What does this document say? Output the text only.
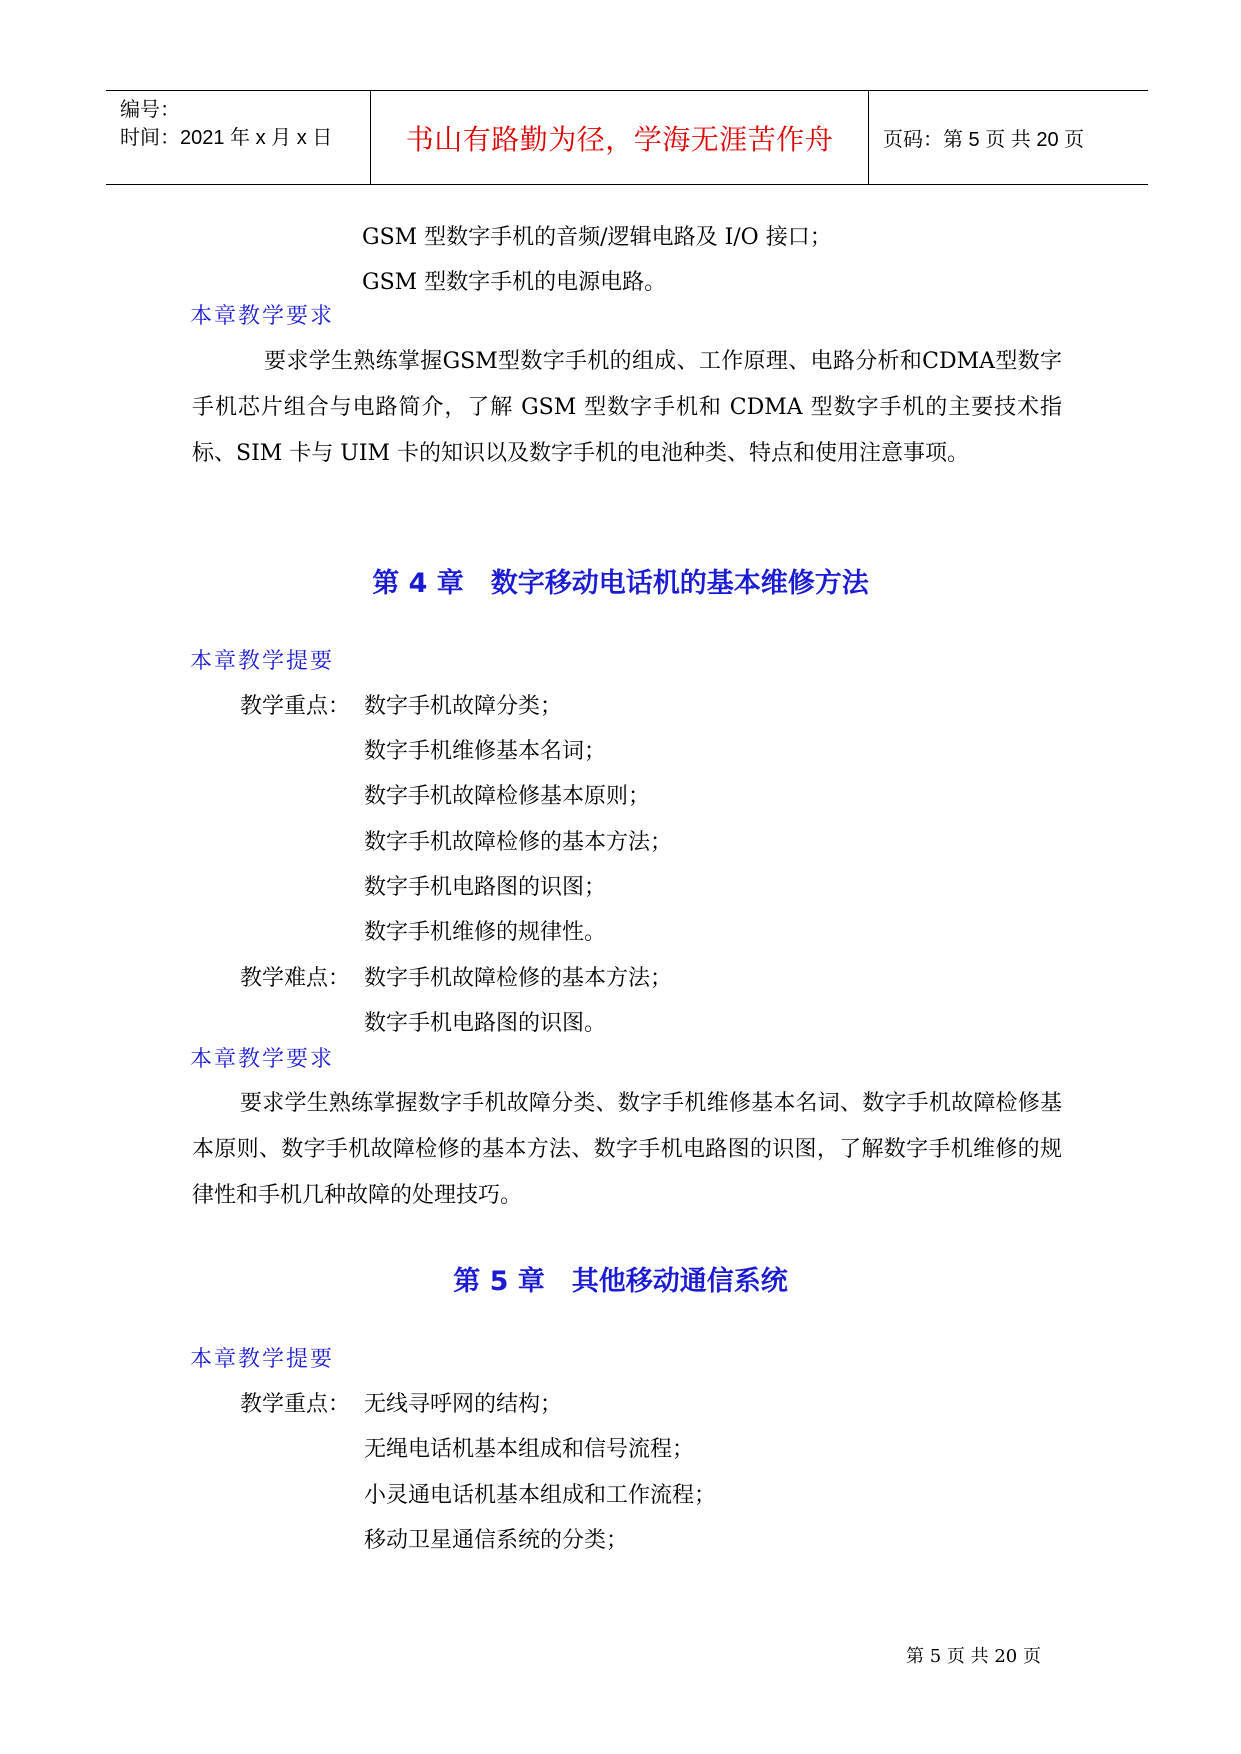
编号：
时间：2021 年 x 月 x 日	书山有路勤为径，学海无涯苦作舟 页码：第 5 页 共 20 页
GSM 型数字手机的音频/逻辑电路及 I/O 接口；
GSM 型数字手机的电源电路。
本章教学要求
要求学生熟练掌握GSM型数字手机的组成、工作原理、电路分析和CDMA型数字手机芯片组合与电路简介，了解 GSM 型数字手机和 CDMA 型数字手机的主要技术指标、SIM 卡与 UIM 卡的知识以及数字手机的电池种类、特点和使用注意事项。
第 4 章　数字移动电话机的基本维修方法
本章教学提要
教学重点： 数字手机故障分类；
数字手机维修基本名词；
数字手机故障检修基本原则；
数字手机故障检修的基本方法；
数字手机电路图的识图；
数字手机维修的规律性。
教学难点： 数字手机故障检修的基本方法；
数字手机电路图的识图。
本章教学要求
要求学生熟练掌握数字手机故障分类、数字手机维修基本名词、数字手机故障检修基本原则、数字手机故障检修的基本方法、数字手机电路图的识图，了解数字手机维修的规律性和手机几种故障的处理技巧。
第 5 章　其他移动通信系统
本章教学提要
教学重点： 无线寻呼网的结构；
无绳电话机基本组成和信号流程；
小灵通电话机基本组成和工作流程；
移动卫星通信系统的分类；
第 5 页 共 20 页
